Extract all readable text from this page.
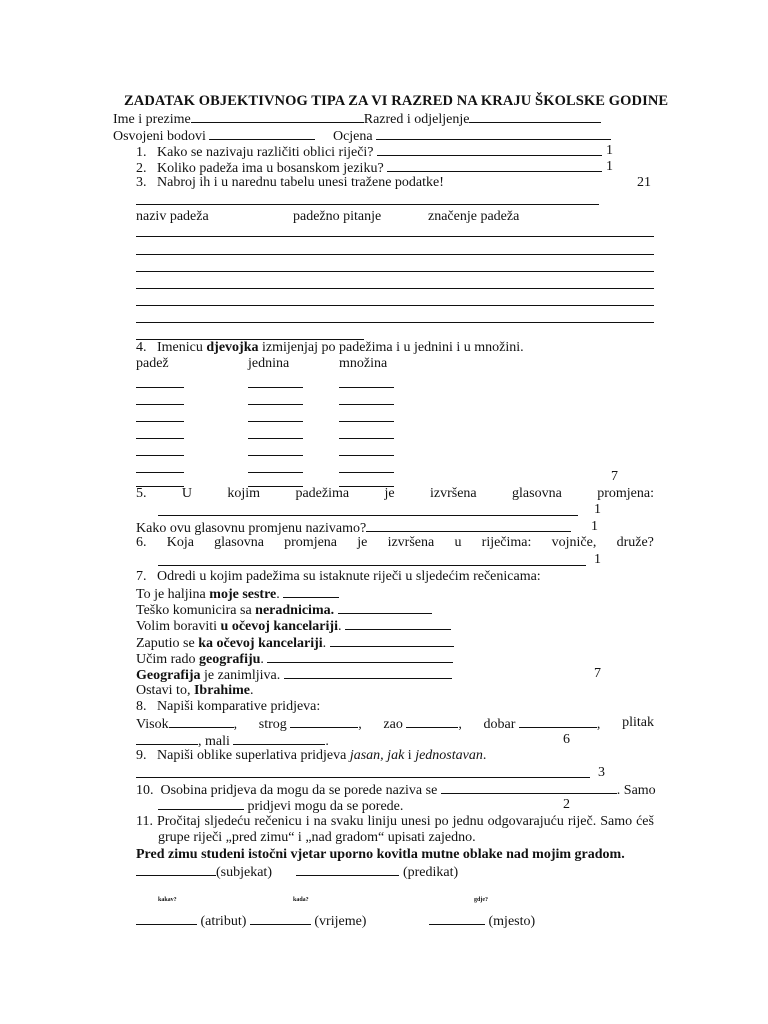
ZADATAK OBJEKTIVNOG TIPA ZA VI RAZRED NA KRAJU ŠKOLSKE GODINE
Ime i prezime	Razred i odjeljenje
Osvojeni bodovi	Ocjena
1.   Kako se nazivaju različiti oblici riječi?	1
2.   Koliko padeža ima u bosanskom jeziku?	1
3.   Nabroj ih i u narednu tabelu unesi tražene podatke!	21
naziv padeža	padežno pitanje	značenje padeža
4. Imenicu djevojka izmijenjaj po padežima i u jednini i u množini.
padež	jednina	množina
7
5.	U	kojim	padežima	je	izvršena	glasovna	promjena:
1
Kako ovu glasovnu promjenu nazivamo?	1
6. Koja glasovna promjena je izvršena u riječima: vojniče, druže?
1
7.   Odredi u kojim padežima su istaknute riječi u sljedećim rečenicama:
To je haljina moje sestre.
Teško komunicira sa neradnicima.
Volim boraviti u očevoj kancelariji.
Zaputio se ka očevoj kancelariji.
Učim rado geografiju.
Geografija je zanimljiva.	7
Ostavi to, Ibrahime.
8.   Napiši komparative pridjeva:
Visok	, strog	, zao	, dobar	, plitak
, mali	.	6
9.   Napiši oblike superlativa pridjeva jasan, jak i jednostavan.
3
10.  Osobina pridjeva da mogu da se porede naziva se	. Samo
pridjevi mogu da se porede.	2
11. Pročitaj sljedeću rečenicu i na svaku liniju unesi po jednu odgovarajuću riječ. Samo ćeš
grupe riječi „pred zimu“ i „nad gradom“ upisati zajedno.
Pred zimu studeni istočni vjetar uporno kovitla mutne oblake nad mojim gradom.
(subjekat)	(predikat)
kakav?	kada?	gdje?
(atribut)	(vrijeme)	(mjesto)
